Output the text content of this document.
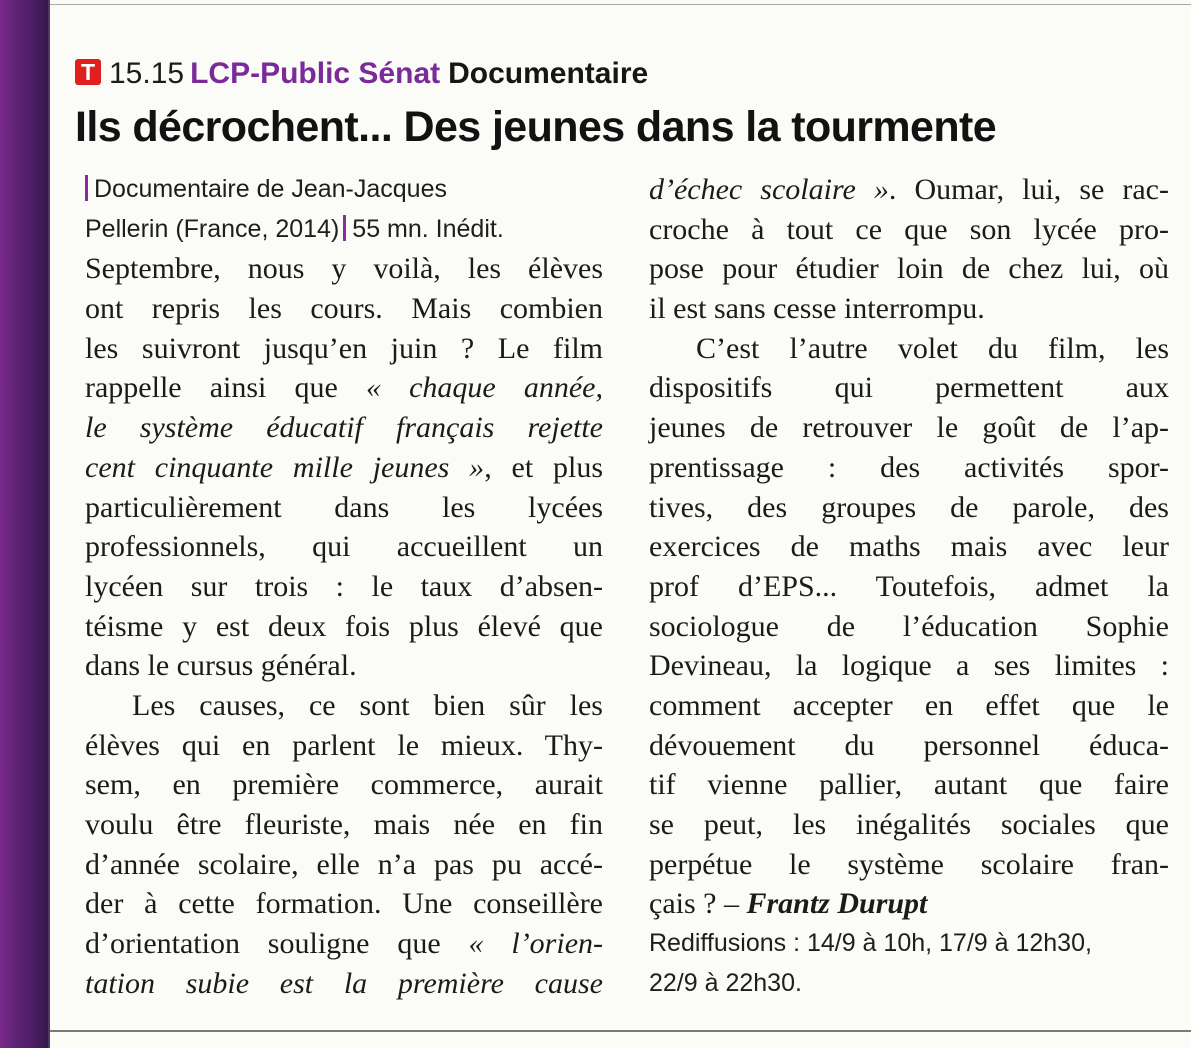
T 15.15 LCP-Public Sénat Documentaire
Ils décrochent... Des jeunes dans la tourmente
Documentaire de Jean-Jacques
Pellerin (France, 2014) 55 mn. Inédit.
Septembre, nous y voilà, les élèves
ont repris les cours. Mais combien
les suivront jusqu’en juin ? Le film
rappelle ainsi que « chaque année,
le système éducatif français rejette
cent cinquante mille jeunes », et plus
particulièrement dans les lycées
professionnels, qui accueillent un
lycéen sur trois : le taux d’absen-
téisme y est deux fois plus élevé que
dans le cursus général.
Les causes, ce sont bien sûr les
élèves qui en parlent le mieux. Thy-
sem, en première commerce, aurait
voulu être fleuriste, mais née en fin
d’année scolaire, elle n’a pas pu accé-
der à cette formation. Une conseillère
d’orientation souligne que « l’orien-
tation subie est la première cause
d’échec scolaire ». Oumar, lui, se rac-
croche à tout ce que son lycée pro-
pose pour étudier loin de chez lui, où
il est sans cesse interrompu.
C’est l’autre volet du film, les
dispositifs qui permettent aux
jeunes de retrouver le goût de l’ap-
prentissage : des activités spor-
tives, des groupes de parole, des
exercices de maths mais avec leur
prof d’EPS... Toutefois, admet la
sociologue de l’éducation Sophie
Devineau, la logique a ses limites :
comment accepter en effet que le
dévouement du personnel éduca-
tif vienne pallier, autant que faire
se peut, les inégalités sociales que
perpétue le système scolaire fran-
çais ? – Frantz Durupt
Rediffusions : 14/9 à 10h, 17/9 à 12h30,
22/9 à 22h30.
